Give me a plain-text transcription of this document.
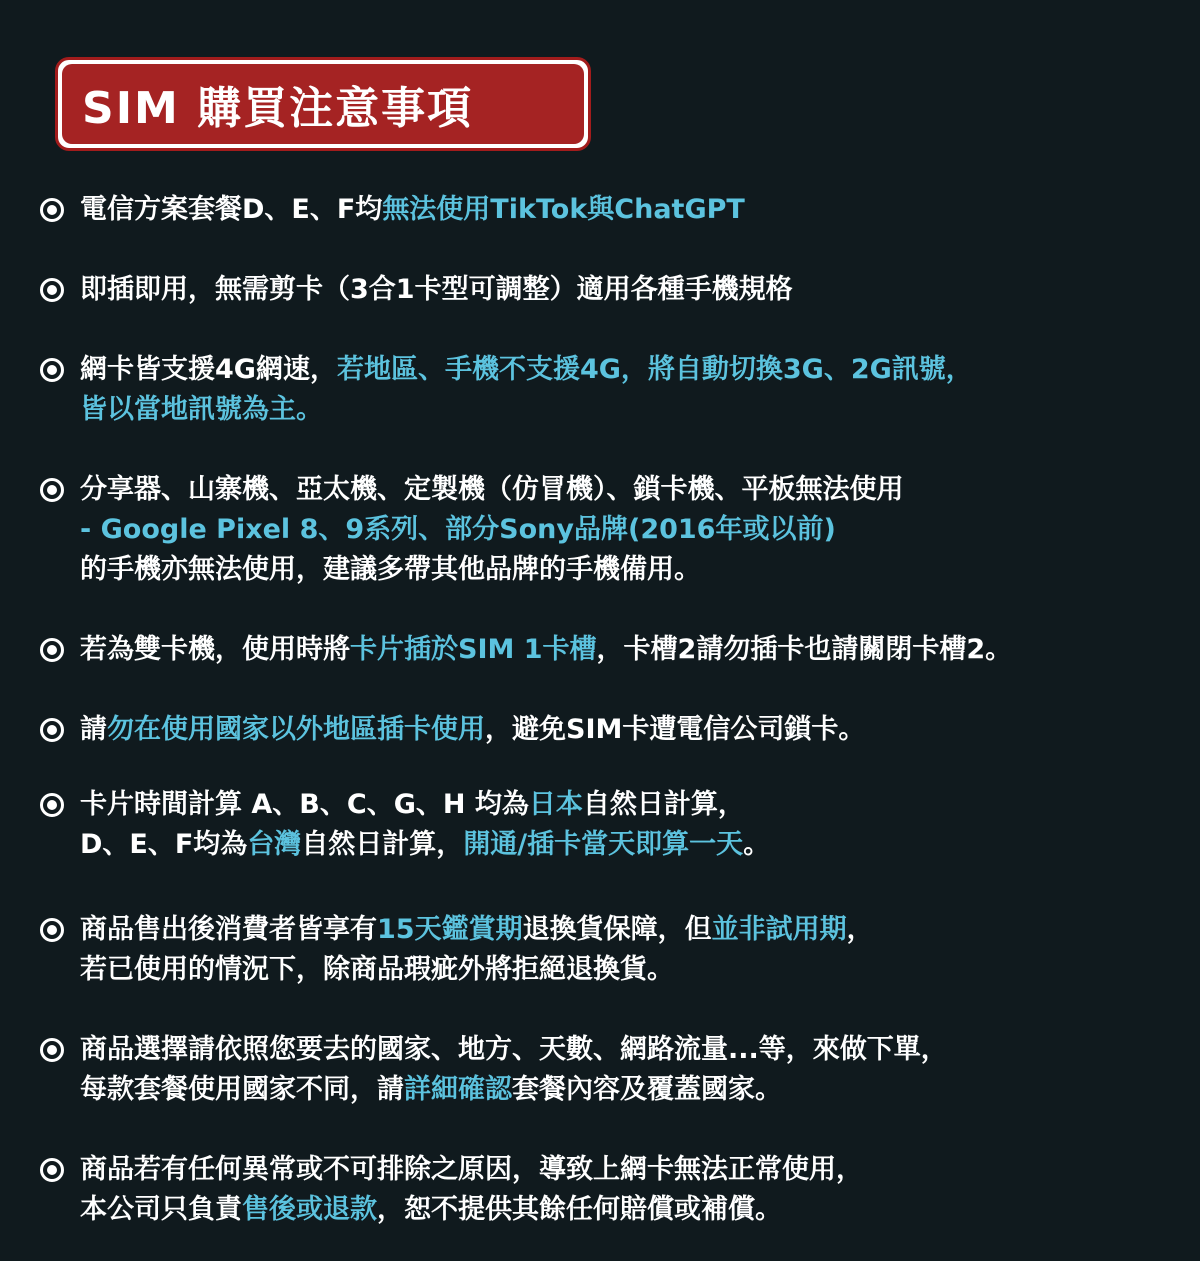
SIM 購買注意事項
電信方案套餐D、E、F均無法使用TikTok與ChatGPT
即插即用，無需剪卡（3合1卡型可調整）適用各種手機規格
網卡皆支援4G網速，若地區、手機不支援4G，將自動切換3G、2G訊號，
皆以當地訊號為主。
分享器、山寨機、亞太機、定製機（仿冒機）、鎖卡機、平板無法使用
- Google Pixel 8、9系列、部分Sony品牌(2016年或以前)
的手機亦無法使用，建議多帶其他品牌的手機備用。
若為雙卡機，使用時將卡片插於SIM 1卡槽，卡槽2請勿插卡也請關閉卡槽2。
請勿在使用國家以外地區插卡使用，避免SIM卡遭電信公司鎖卡。
卡片時間計算 A、B、C、G、H 均為日本自然日計算，
D、E、F均為台灣自然日計算，開通/插卡當天即算一天。
商品售出後消費者皆享有15天鑑賞期退換貨保障，但並非試用期，
若已使用的情況下，除商品瑕疵外將拒絕退換貨。
商品選擇請依照您要去的國家、地方、天數、網路流量...等，來做下單，
每款套餐使用國家不同，請詳細確認套餐內容及覆蓋國家。
商品若有任何異常或不可排除之原因，導致上網卡無法正常使用，
本公司只負責售後或退款，恕不提供其餘任何賠償或補償。
